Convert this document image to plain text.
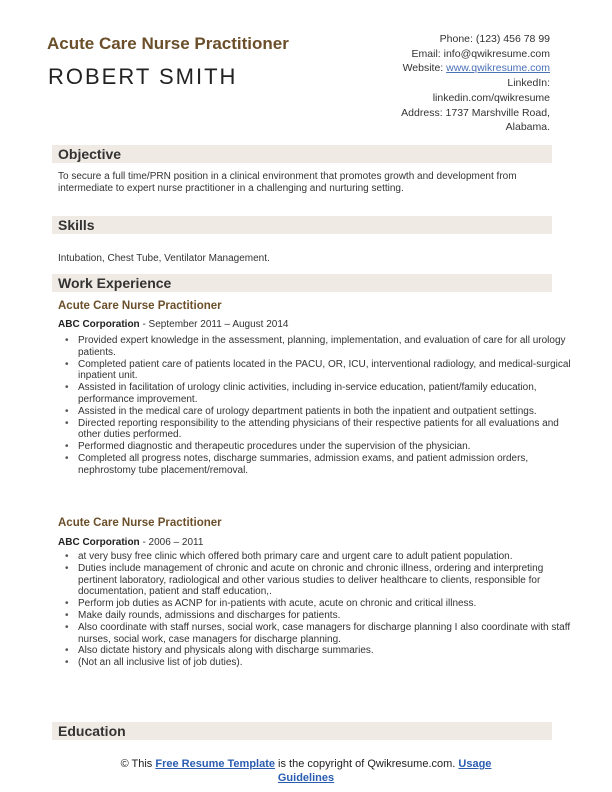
Acute Care Nurse Practitioner
ROBERT SMITH
Phone: (123) 456 78 99
Email: info@qwikresume.com
Website: www.qwikresume.com
LinkedIn:
linkedin.com/qwikresume
Address: 1737 Marshville Road,
Alabama.
Objective
To secure a full time/PRN position in a clinical environment that promotes growth and development from intermediate to expert nurse practitioner in a challenging and nurturing setting.
Skills
Intubation, Chest Tube, Ventilator Management.
Work Experience
Acute Care Nurse Practitioner
ABC Corporation - September 2011 – August 2014
• Provided expert knowledge in the assessment, planning, implementation, and evaluation of care for all urology patients.
• Completed patient care of patients located in the PACU, OR, ICU, interventional radiology, and medical-surgical inpatient unit.
• Assisted in facilitation of urology clinic activities, including in-service education, patient/family education, performance improvement.
• Assisted in the medical care of urology department patients in both the inpatient and outpatient settings.
• Directed reporting responsibility to the attending physicians of their respective patients for all evaluations and other duties performed.
• Performed diagnostic and therapeutic procedures under the supervision of the physician.
• Completed all progress notes, discharge summaries, admission exams, and patient admission orders, nephrostomy tube placement/removal.
Acute Care Nurse Practitioner
ABC Corporation - 2006 – 2011
• at very busy free clinic which offered both primary care and urgent care to adult patient population.
• Duties include management of chronic and acute on chronic and chronic illness, ordering and interpreting pertinent laboratory, radiological and other various studies to deliver healthcare to clients, responsible for documentation, patient and staff education,.
• Perform job duties as ACNP for in-patients with acute, acute on chronic and critical illness.
• Make daily rounds, admissions and discharges for patients.
• Also coordinate with staff nurses, social work, case managers for discharge planning I also coordinate with staff nurses, social work, case managers for discharge planning.
• Also dictate history and physicals along with discharge summaries.
• (Not an all inclusive list of job duties).
Education
© This Free Resume Template is the copyright of Qwikresume.com. Usage
Guidelines
